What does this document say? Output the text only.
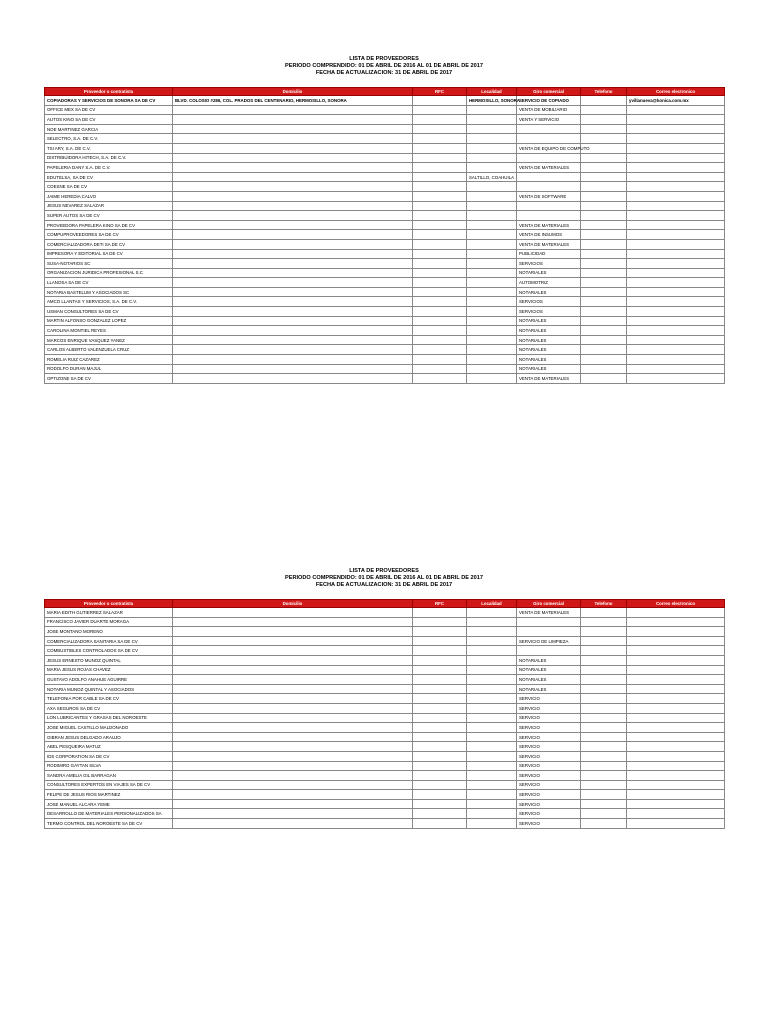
LISTA DE PROVEEDORES
PERIODO COMPRENDIDO: 01 DE ABRIL DE 2016 AL 01 DE ABRIL DE 2017
FECHA DE ACTUALIZACION: 31 DE ABRIL DE 2017
Proveedor o contratista	Domicilio	RFC	Localidad	Giro comercial	Telefono	Correo electronico
COPIADORAS Y SERVICIOS DE SONORA SA DE CV	BLVD. COLOSIO #286, COL. PRADOS DEL CENTENARIO, HERMOSILLO, SONORA		HERMOSILLO, SONORA	SERVICIO DE COPIADO		yvillanueva@konica.com.mx
OFFICE MEX SA DE CV				VENTA DE MOBILIARIO		
AUTOS KINO SA DE CV				VENTA Y SERVICIO		
NOE MARTINEZ GARCIA						
SELECTRO, S.A. DE C.V.						
TSI ARY, S.A. DE C.V.				VENTA DE EQUIPO DE COMPUTO		
DISTRIBUIDORA HITECH, S.A. DE C.V.						
PAPELERIA DANY S.A. DE C.V.				VENTA DE MATERIALES		
EDUTELSA, SA DE CV			SALTILLO, COAHUILA			
COESNE SA DE CV						
JAIME HEREDIA CALVO				VENTA DE SOFTWARE		
JESUS NEVAREZ SALAZAR						
SUPER AUTOS SA DE CV						
PROVEEDORA PAPELERA KINO SA DE CV				VENTA DE MATERIALES		
COMPUPROVEEDORES SA DE CV				VENTA DE INSUMOS		
COMERCIALIZADORA DETI SA DE CV				VENTA DE MATERIALES		
IMPRESORA Y EDITORIAL SA DE CV				PUBLICIDAD		
SUSA-NOTARIOS SC				SERVICIOS		
ORGANIZACION JURIDICA PROFESIONAL S.C				NOTARIALES		
LLANOSA SA DE CV				AUTOMOTRIZ		
NOTARIA BASTELUM Y ASOCIADOS SC				NOTARIALES		
AMCO LLANTAS Y SERVICIOS, S.A. DE C.V.				SERVICIOS		
USMAN CONSULTORES SA DE CV				SERVICIOS		
MARTIN ALFONSO GONZALEZ LOPEZ				NOTARIALES		
CAROLINA MONTIEL REYES				NOTARIALES		
MARCOS ENRIQUE VASQUEZ YANEZ				NOTARIALES		
CARLOS ALBERTO VALENZUELA CRUZ				NOTARIALES		
ROMELIA RUIZ CAZAREZ				NOTARIALES		
RODOLFO DURAN MAJUL				NOTARIALES		
OPTIZONE SA DE CV				VENTA DE MATERIALES		
LISTA DE PROVEEDORES
PERIODO COMPRENDIDO: 01 DE ABRIL DE 2016 AL 01 DE ABRIL DE 2017
FECHA DE ACTUALIZACION: 31 DE ABRIL DE 2017
Proveedor o contratista	Domicilio	RFC	Localidad	Giro comercial	Telefono	Correo electronico
MARIA EDITH GUTIERREZ SALAZAR				VENTA DE MATERIALES		
FRANCISCO JAVIER DUARTE MORAGA						
JOSE MONTANO MORENO						
COMERCIALIZADORA SANITARIA SA DE CV				SERVICIO DE LIMPIEZA		
COMBUSTIBLES CONTROLADOS SA DE CV						
JESUS ERNESTO MUNOZ QUINTAL				NOTARIALES		
MARIA JESUS ROJAS CHAVEZ				NOTARIALES		
GUSTAVO ADOLFO ANAHUE AGUIRRE				NOTARIALES		
NOTARIA MUNOZ QUINTAL Y ASOCIADOS				NOTARIALES		
TELEFONIA POR CABLE SA DE CV				SERVICIO		
AXA SEGUROS SA DE CV				SERVICIO		
LON LUBRICANTES Y GRASAS DEL NOROESTE				SERVICIO		
JOSE MIGUEL CASTILLO MALDONADO				SERVICIO		
GIBRAN JESUS DELGADO ARAUJO				SERVICIO		
ABEL PESQUEIRA MATUZ				SERVICIO		
IDS CORPORATION SA DE CV				SERVICIO		
RODIMIRO GAYTAN SILVA				SERVICIO		
SANDRA AMELIA GIL BARRAGAN				SERVICIO		
CONSULTORES EXPERTOS EN VIAJES SA DE CV				SERVICIO		
FELIPE DE JESUS RIOS MARTINEZ				SERVICIO		
JOSE MANUEL ALCARA YEME				SERVICIO		
DESARROLLO DE MATERIALES PERSONALIZADOS SA				SERVICIO		
TERMO CONTROL DEL NOROESTE SA DE CV				SERVICIO		
